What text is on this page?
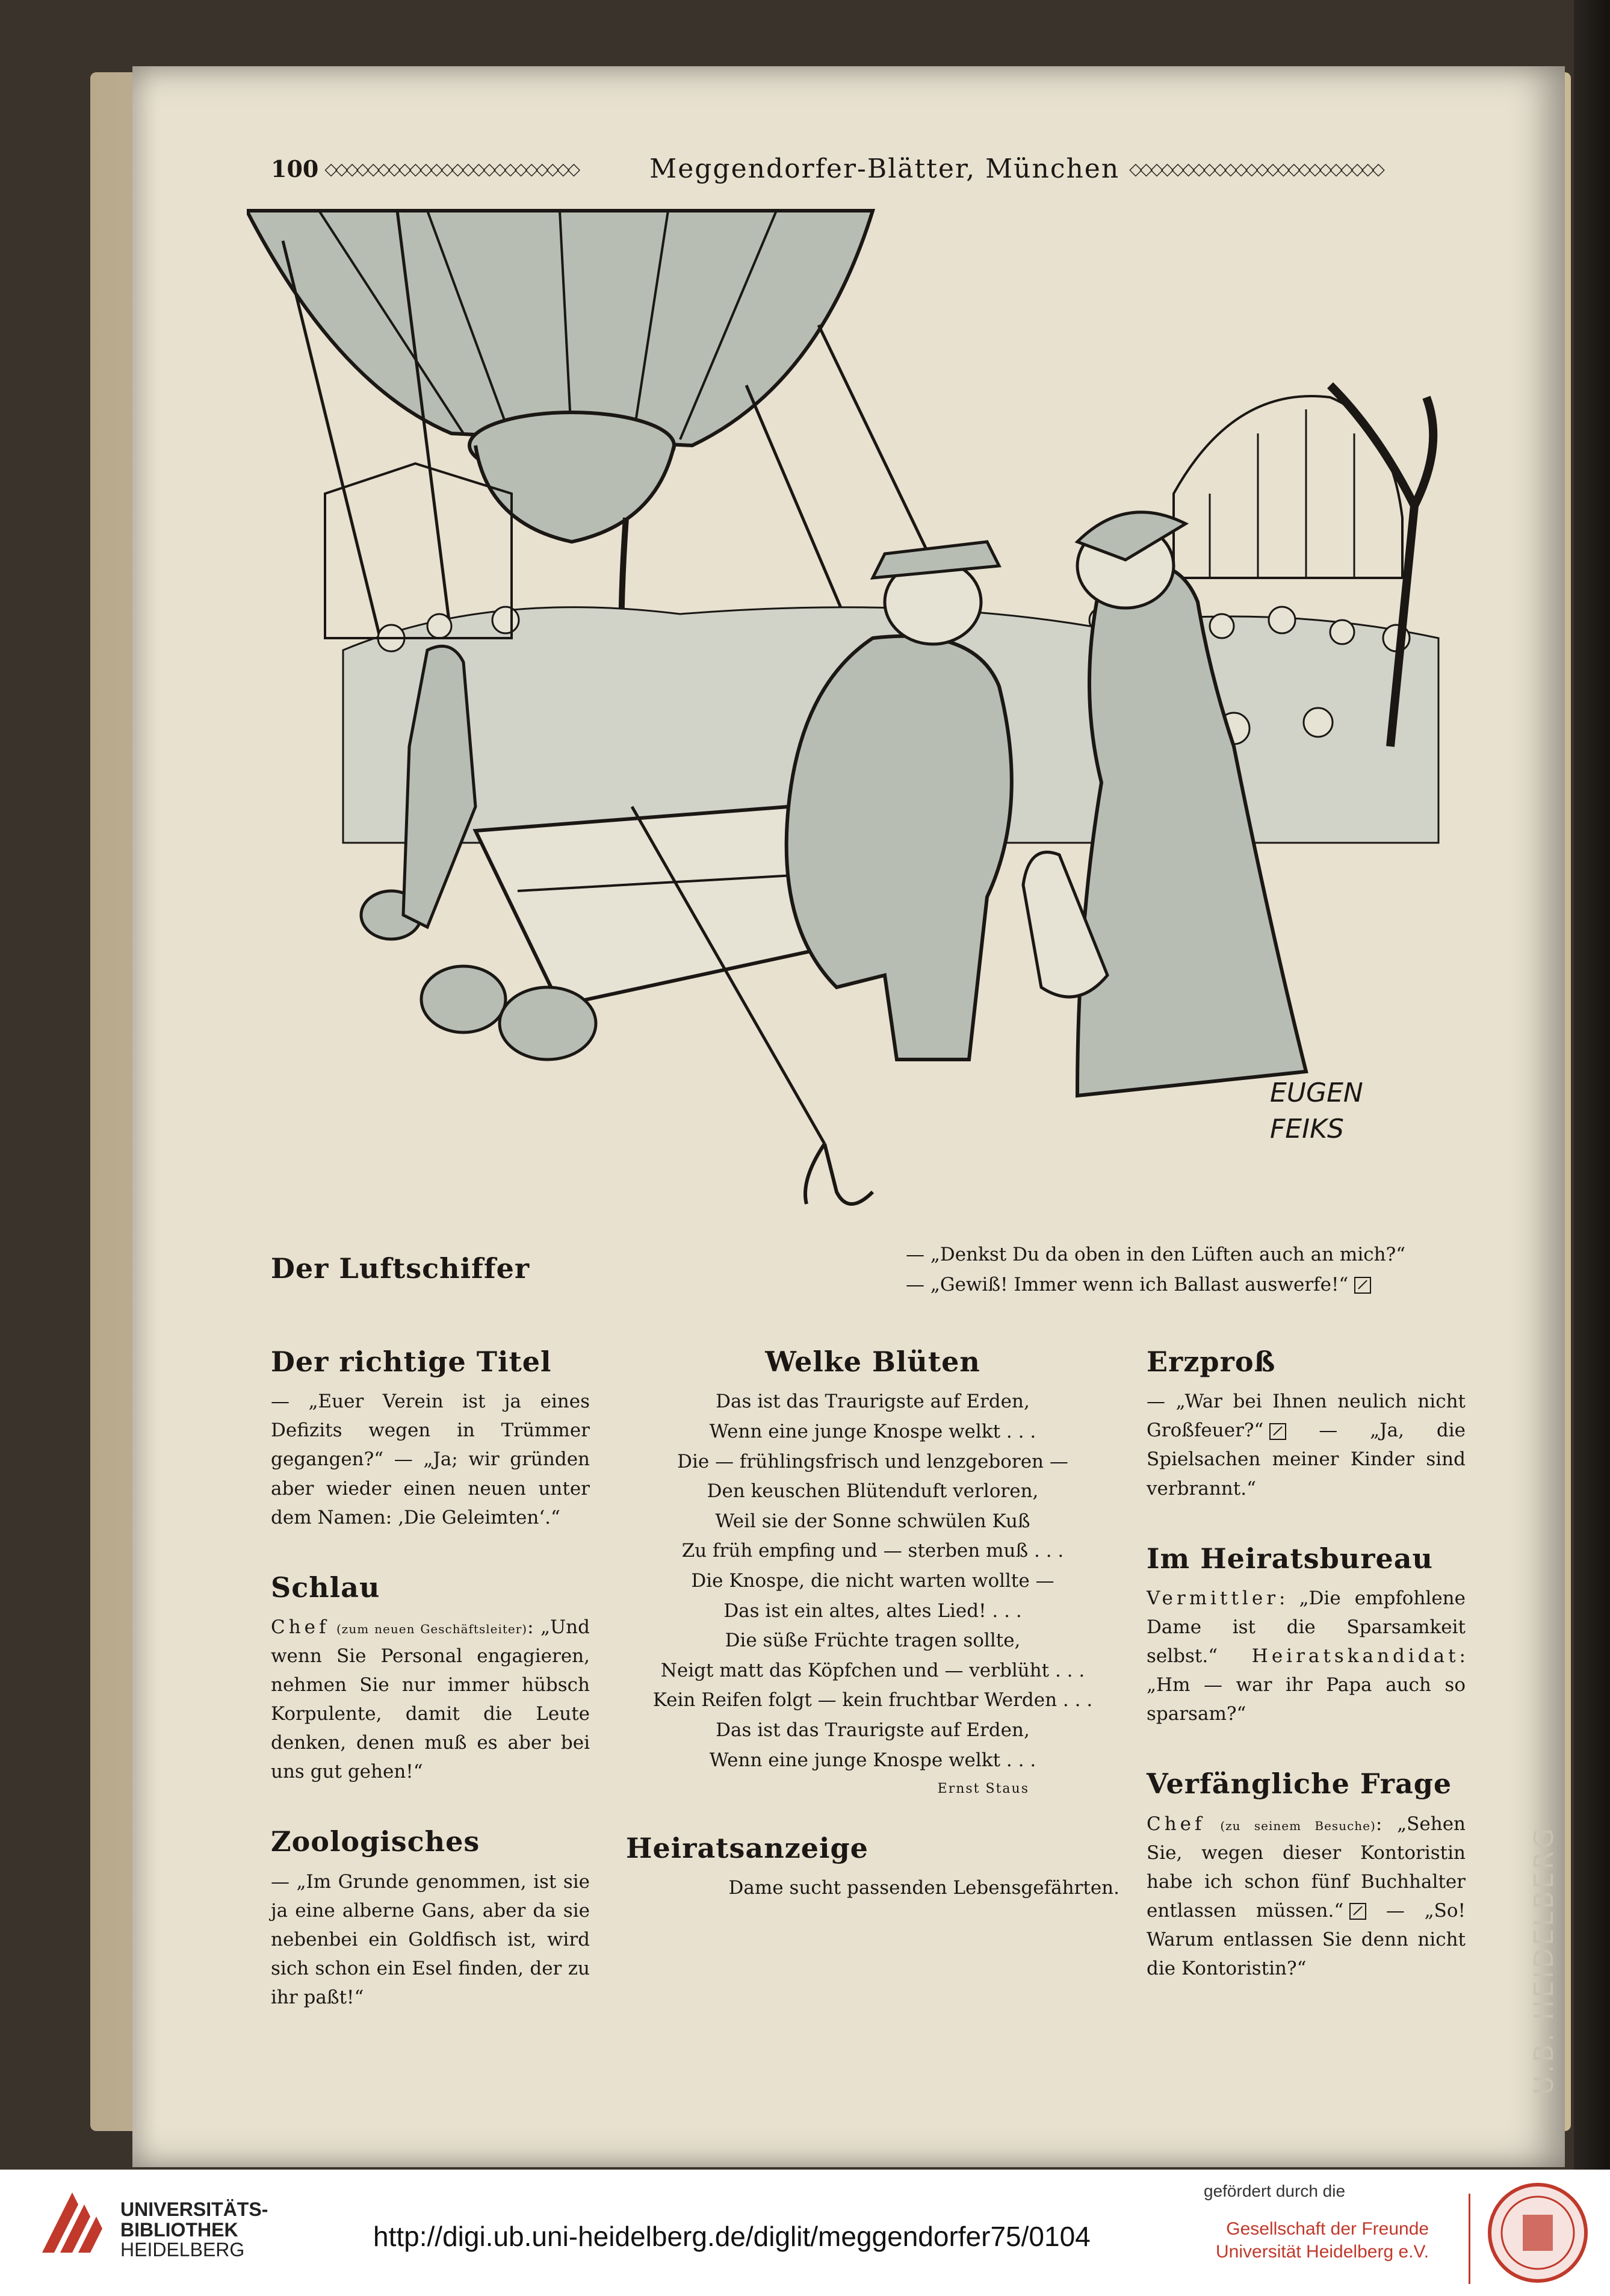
U.B. HEIDELBERG
100 ◇◇◇◇◇◇◇◇◇◇◇◇◇◇◇◇◇◇◇◇◇◇◇◇	Meggendorfer-Blätter, München ◇◇◇◇◇◇◇◇◇◇◇◇◇◇◇◇◇◇◇◇◇◇◇◇
EUGEN
FEIKS
Der Luftschiffer	— „Denkst Du da oben in den Lüften auch an mich?“
— „Gewiß! Immer wenn ich Ballast auswerfe!“
Der richtige Titel

— „Euer Verein ist ja eines Defizits wegen in Trümmer gegangen?“ — „Ja; wir gründen aber wieder einen neuen unter dem Namen: ‚Die Geleimten‘.“

Schlau

Chef (zum neuen Geschäftsleiter): „Und wenn Sie Personal engagieren, nehmen Sie nur immer hübsch Korpulente, damit die Leute denken, denen muß es aber bei uns gut gehen!“

Zoologisches

— „Im Grunde genommen, ist sie ja eine alberne Gans, aber da sie nebenbei ein Goldfisch ist, wird sich schon ein Esel finden, der zu ihr paßt!“

Welke Blüten

Das ist das Traurigste auf Erden,

Wenn eine junge Knospe welkt . . .

Die — frühlingsfrisch und lenzgeboren —

Den keuschen Blütenduft verloren,

Weil sie der Sonne schwülen Kuß

Zu früh empfing und — sterben muß . . .

Die Knospe, die nicht warten wollte —

Das ist ein altes, altes Lied! . . .

Die süße Früchte tragen sollte,

Neigt matt das Köpfchen und — verblüht . . .

Kein Reifen folgt — kein fruchtbar Werden . . .

Das ist das Traurigste auf Erden,

Wenn eine junge Knospe welkt . . .

Ernst Staus
Heiratsanzeige

Dame sucht passenden Lebensgefährten.

Erzproß

— „War bei Ihnen neulich nicht Großfeuer?“	— „Ja, die Spielsachen meiner Kinder sind verbrannt.“

Im Heiratsbureau

Vermittler: „Die empfohlene Dame ist die Sparsamkeit selbst.“ Heiratskandidat: „Hm — war ihr Papa auch so sparsam?“

Verfängliche Frage

Chef (zu seinem Besuche): „Sehen Sie, wegen dieser Kontoristin habe ich schon fünf Buchhalter entlassen müssen.“ — „So! Warum entlassen Sie denn nicht die Kontoristin?“

UNIVERSITÄTS-
BIBLIOTHEK
HEIDELBERG	http://digi.ub.uni-heidelberg.de/diglit/meggendorfer75/0104
gefördert durch die
Gesellschaft der Freunde
Universität Heidelberg e.V.
